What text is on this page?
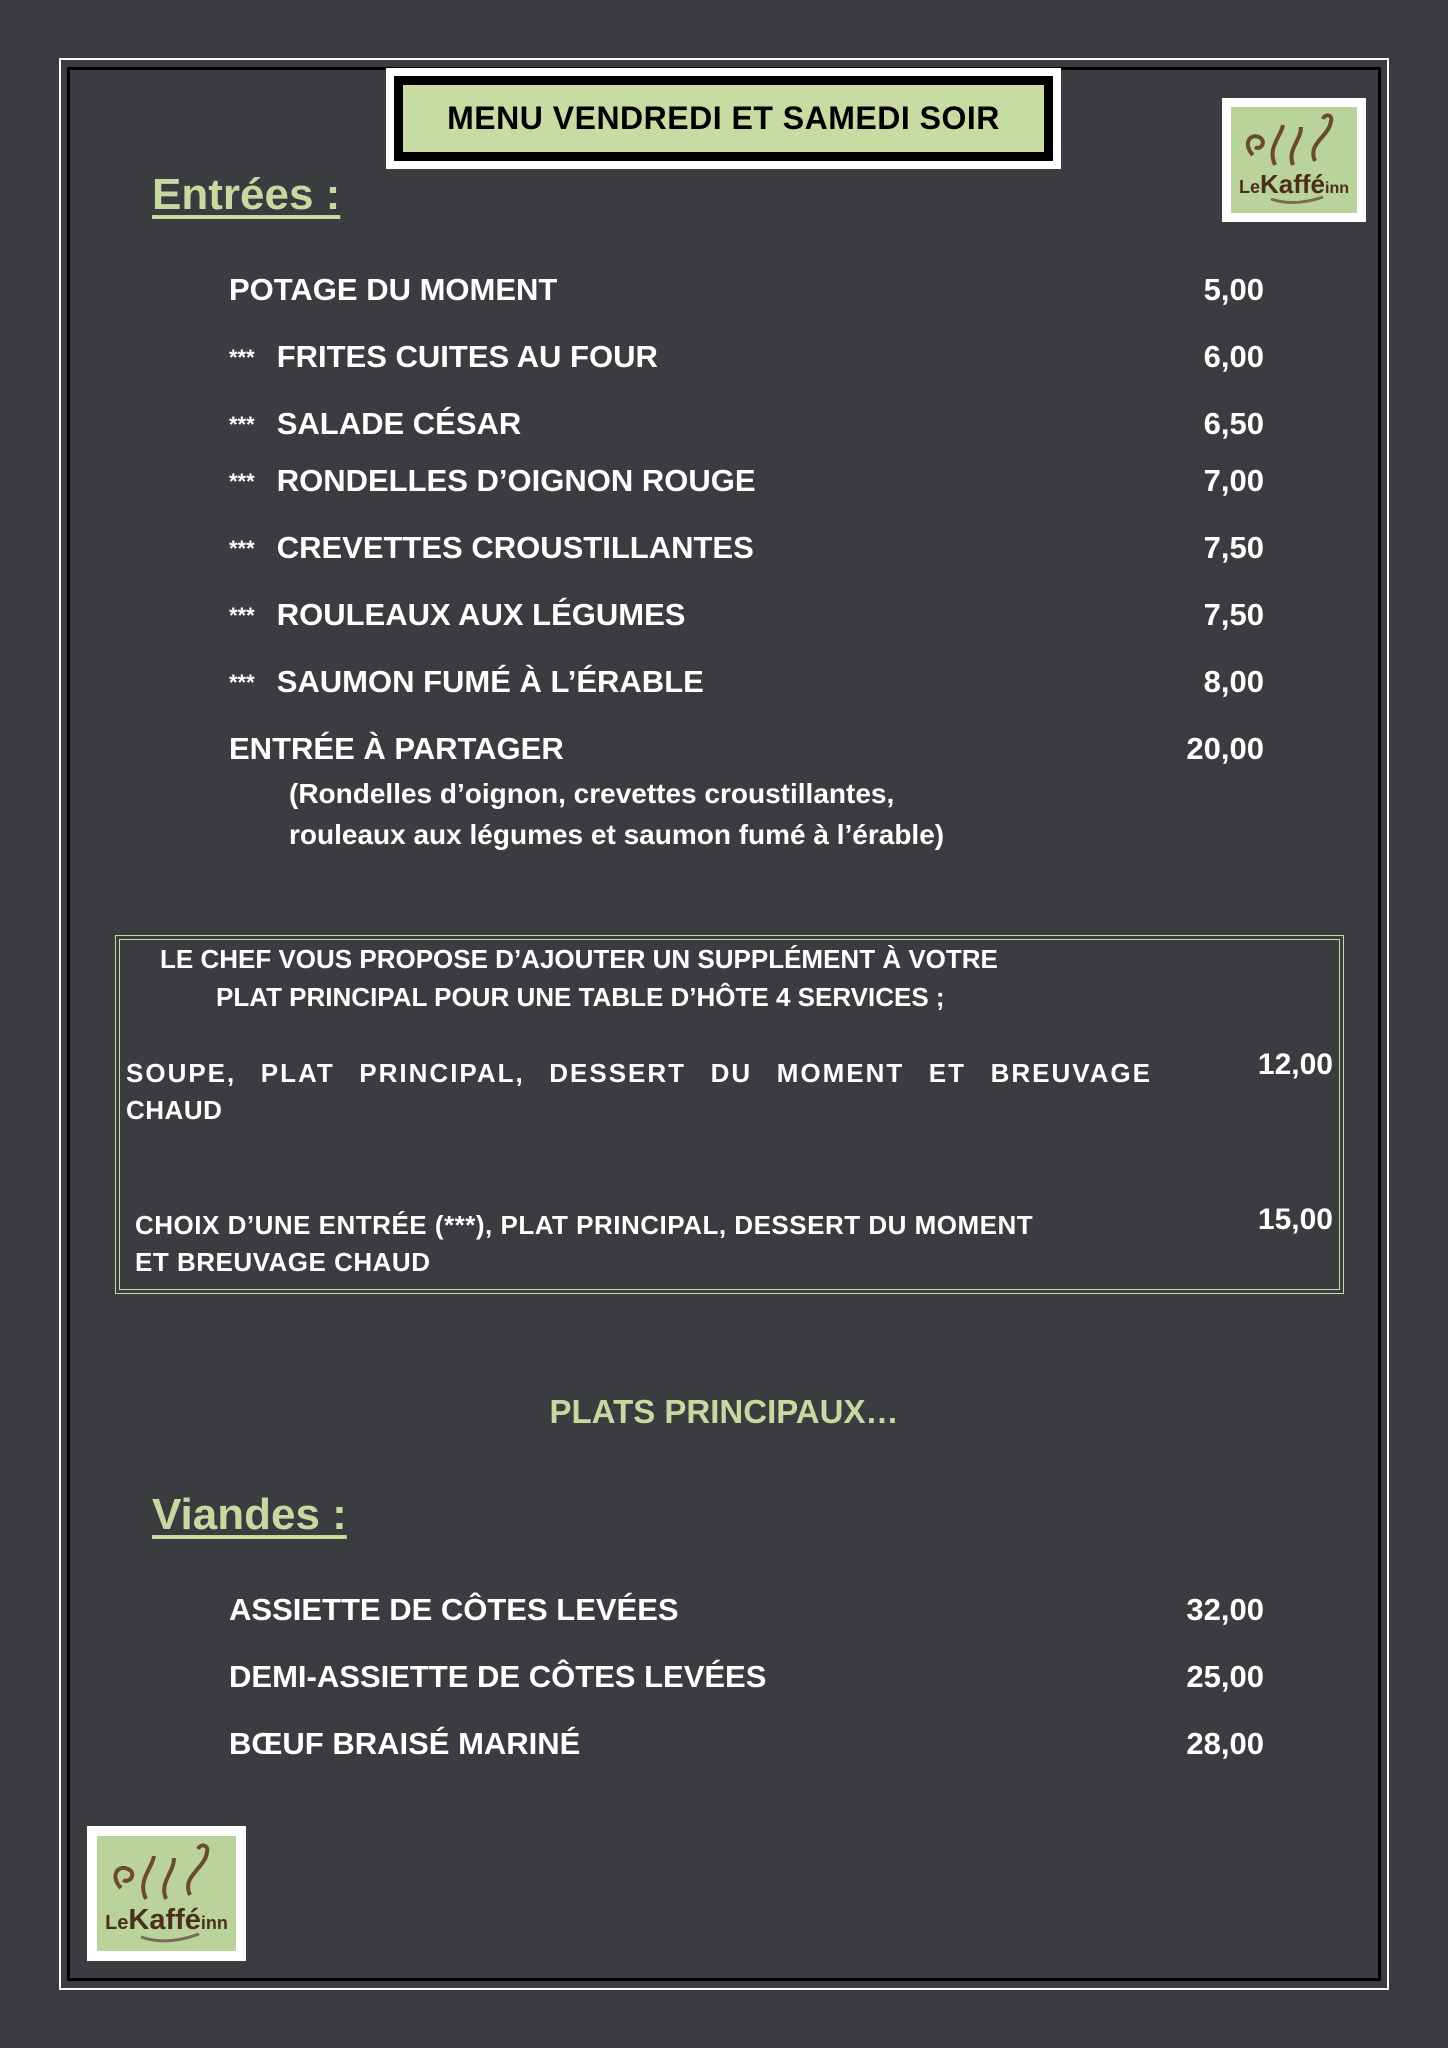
MENU VENDREDI ET SAMEDI SOIR
Le Kaffé inn
Entrées :
POTAGE DU MOMENT	5,00
*** FRITES CUITES AU FOUR	6,00
*** SALADE CÉSAR	6,50
*** RONDELLES D’OIGNON ROUGE	7,00
*** CREVETTES CROUSTILLANTES	7,50
*** ROULEAUX AUX LÉGUMES	7,50
*** SAUMON FUMÉ À L’ÉRABLE	8,00
ENTRÉE À PARTAGER	20,00
(Rondelles d’oignon, crevettes croustillantes,
rouleaux aux légumes et saumon fumé à l’érable)
LE CHEF VOUS PROPOSE D’AJOUTER UN SUPPLÉMENT À VOTRE
PLAT PRINCIPAL POUR UNE TABLE D’HÔTE 4 SERVICES ;
SOUPE, PLAT PRINCIPAL, DESSERT DU MOMENT ET BREUVAGE
CHAUD
12,00
CHOIX D’UNE ENTRÉE (***), PLAT PRINCIPAL, DESSERT DU MOMENT
ET BREUVAGE CHAUD
15,00
PLATS PRINCIPAUX…
Viandes :
ASSIETTE DE CÔTES LEVÉES	32,00
DEMI-ASSIETTE DE CÔTES LEVÉES	25,00
BŒUF BRAISÉ MARINÉ	28,00
Le Kaffé inn
